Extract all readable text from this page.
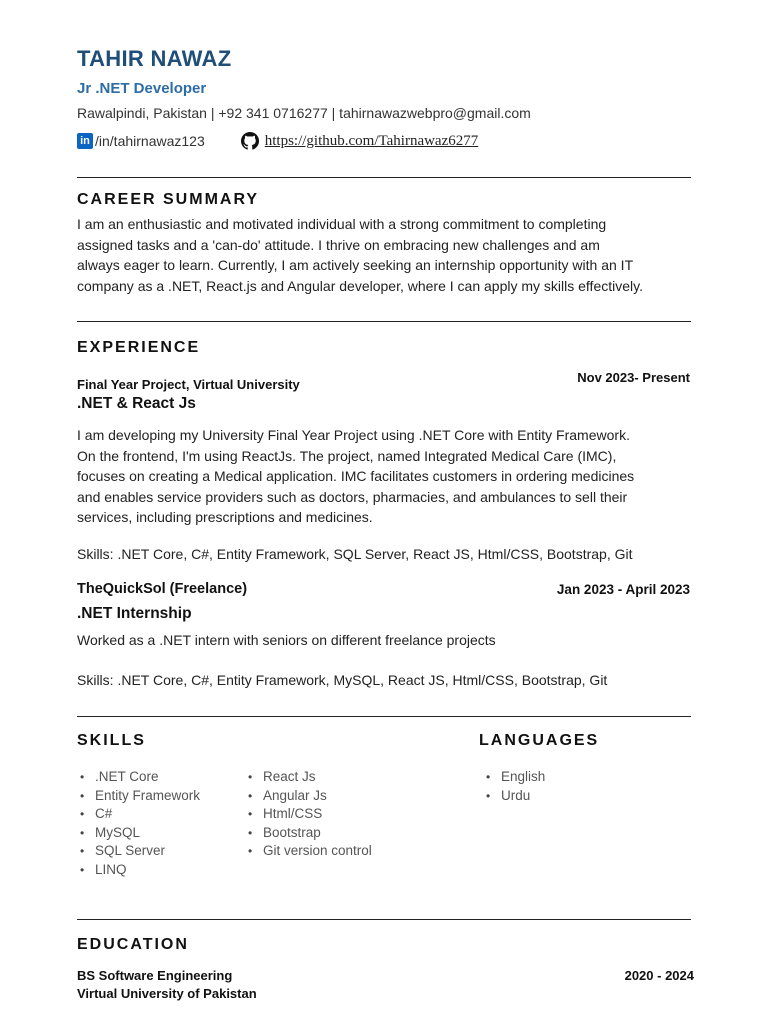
TAHIR NAWAZ
Jr .NET Developer
Rawalpindi, Pakistan | +92 341 0716277 | tahirnawazwebpro@gmail.com
in /in/tahirnawaz123	https://github.com/Tahirnawaz6277
CAREER SUMMARY
I am an enthusiastic and motivated individual with a strong commitment to completing
assigned tasks and a 'can-do' attitude. I thrive on embracing new challenges and am
always eager to learn. Currently, I am actively seeking an internship opportunity with an IT
company as a .NET, React.js and Angular developer, where I can apply my skills effectively.
EXPERIENCE
Final Year Project, Virtual University	Nov 2023- Present
.NET & React Js
I am developing my University Final Year Project using .NET Core with Entity Framework.
On the frontend, I'm using ReactJs. The project, named Integrated Medical Care (IMC),
focuses on creating a Medical application. IMC facilitates customers in ordering medicines
and enables service providers such as doctors, pharmacies, and ambulances to sell their
services, including prescriptions and medicines.
Skills: .NET Core, C#, Entity Framework, SQL Server, React JS, Html/CSS, Bootstrap, Git
TheQuickSol (Freelance)	Jan 2023 - April 2023
.NET Internship
Worked as a .NET intern with seniors on different freelance projects
Skills: .NET Core, C#, Entity Framework, MySQL, React JS, Html/CSS, Bootstrap, Git
SKILLS
• .NET Core
• Entity Framework
• C#
• MySQL
• SQL Server
• LINQ
• React Js
• Angular Js
• Html/CSS
• Bootstrap
• Git version control
LANGUAGES
• English
• Urdu
EDUCATION
BS Software Engineering	2020 - 2024
Virtual University of Pakistan
